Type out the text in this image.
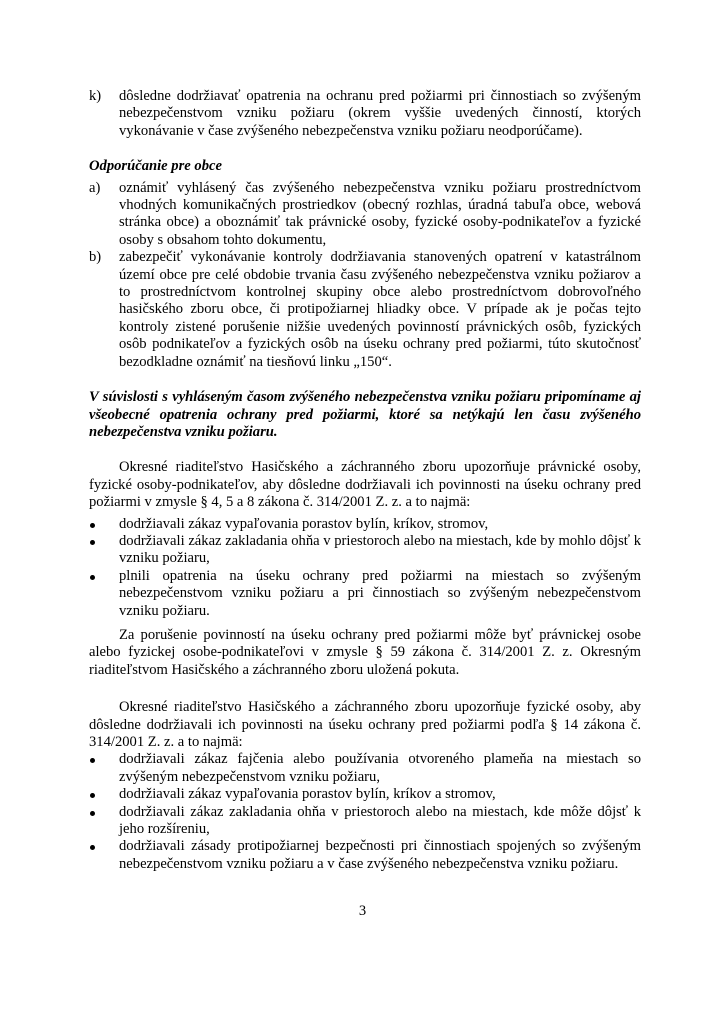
k)	dôsledne dodržiavať opatrenia na ochranu pred požiarmi pri činnostiach so zvýšeným nebezpečenstvom vzniku požiaru (okrem vyššie uvedených činností, ktorých vykonávanie v čase zvýšeného nebezpečenstva vzniku požiaru neodporúčame).
Odporúčanie pre obce
a)	oznámiť vyhlásený čas zvýšeného nebezpečenstva vzniku požiaru prostredníctvom vhodných komunikačných prostriedkov (obecný rozhlas, úradná tabuľa obce, webová stránka obce) a oboznámiť tak právnické osoby, fyzické osoby-podnikateľov a fyzické osoby s obsahom tohto dokumentu,
b)	zabezpečiť vykonávanie kontroly dodržiavania stanovených opatrení v katastrálnom území obce pre celé obdobie trvania času zvýšeného nebezpečenstva vzniku požiarov a to prostredníctvom kontrolnej skupiny obce alebo prostredníctvom dobrovoľného hasičského zboru obce, či protipožiarnej hliadky obce. V prípade ak je počas tejto kontroly zistené porušenie nižšie uvedených povinností právnických osôb, fyzických osôb podnikateľov a fyzických osôb na úseku ochrany pred požiarmi, túto skutočnosť bezodkladne oznámiť na tiesňovú linku „150“.
V súvislosti s vyhláseným časom zvýšeného nebezpečenstva vzniku požiaru pripomíname aj všeobecné opatrenia ochrany pred požiarmi, ktoré sa netýkajú len času zvýšeného nebezpečenstva vzniku požiaru.
Okresné riaditeľstvo Hasičského a záchranného zboru upozorňuje právnické osoby, fyzické osoby-podnikateľov, aby dôsledne dodržiavali ich povinnosti na úseku ochrany pred požiarmi v zmysle § 4, 5 a 8 zákona č. 314/2001 Z. z. a to najmä:
dodržiavali zákaz vypaľovania porastov bylín, kríkov, stromov,
dodržiavali zákaz zakladania ohňa v priestoroch alebo na miestach, kde by mohlo dôjsť k vzniku požiaru,
plnili opatrenia na úseku ochrany pred požiarmi na miestach so zvýšeným nebezpečenstvom vzniku požiaru a pri činnostiach so zvýšeným nebezpečenstvom vzniku požiaru.
Za porušenie povinností na úseku ochrany pred požiarmi môže byť právnickej osobe alebo fyzickej osobe-podnikateľovi v zmysle § 59 zákona č. 314/2001 Z. z. Okresným riaditeľstvom Hasičského a záchranného zboru uložená pokuta.
Okresné riaditeľstvo Hasičského a záchranného zboru upozorňuje fyzické osoby, aby dôsledne dodržiavali ich povinnosti na úseku ochrany pred požiarmi podľa § 14 zákona č. 314/2001 Z. z. a to najmä:
dodržiavali zákaz fajčenia alebo používania otvoreného plameňa na miestach so zvýšeným nebezpečenstvom vzniku požiaru,
dodržiavali zákaz vypaľovania porastov bylín, kríkov a stromov,
dodržiavali zákaz zakladania ohňa v priestoroch alebo na miestach, kde môže dôjsť k jeho rozšíreniu,
dodržiavali zásady protipožiarnej bezpečnosti pri činnostiach spojených so zvýšeným nebezpečenstvom vzniku požiaru a v čase zvýšeného nebezpečenstva vzniku požiaru.
3
